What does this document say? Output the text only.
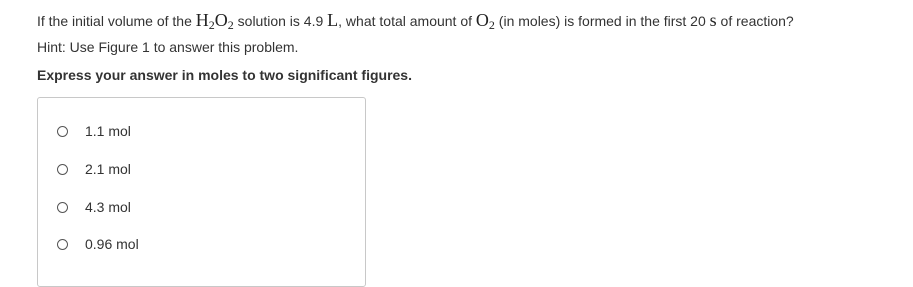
If the initial volume of the $H_2O_2$ solution is 4.9 L, what total amount of $O_2$ (in moles) is formed in the first 20 s of reaction?
Hint: Use Figure 1 to answer this problem.
Express your answer in moles to two significant figures.
1.1 mol
2.1 mol
4.3 mol
0.96 mol
